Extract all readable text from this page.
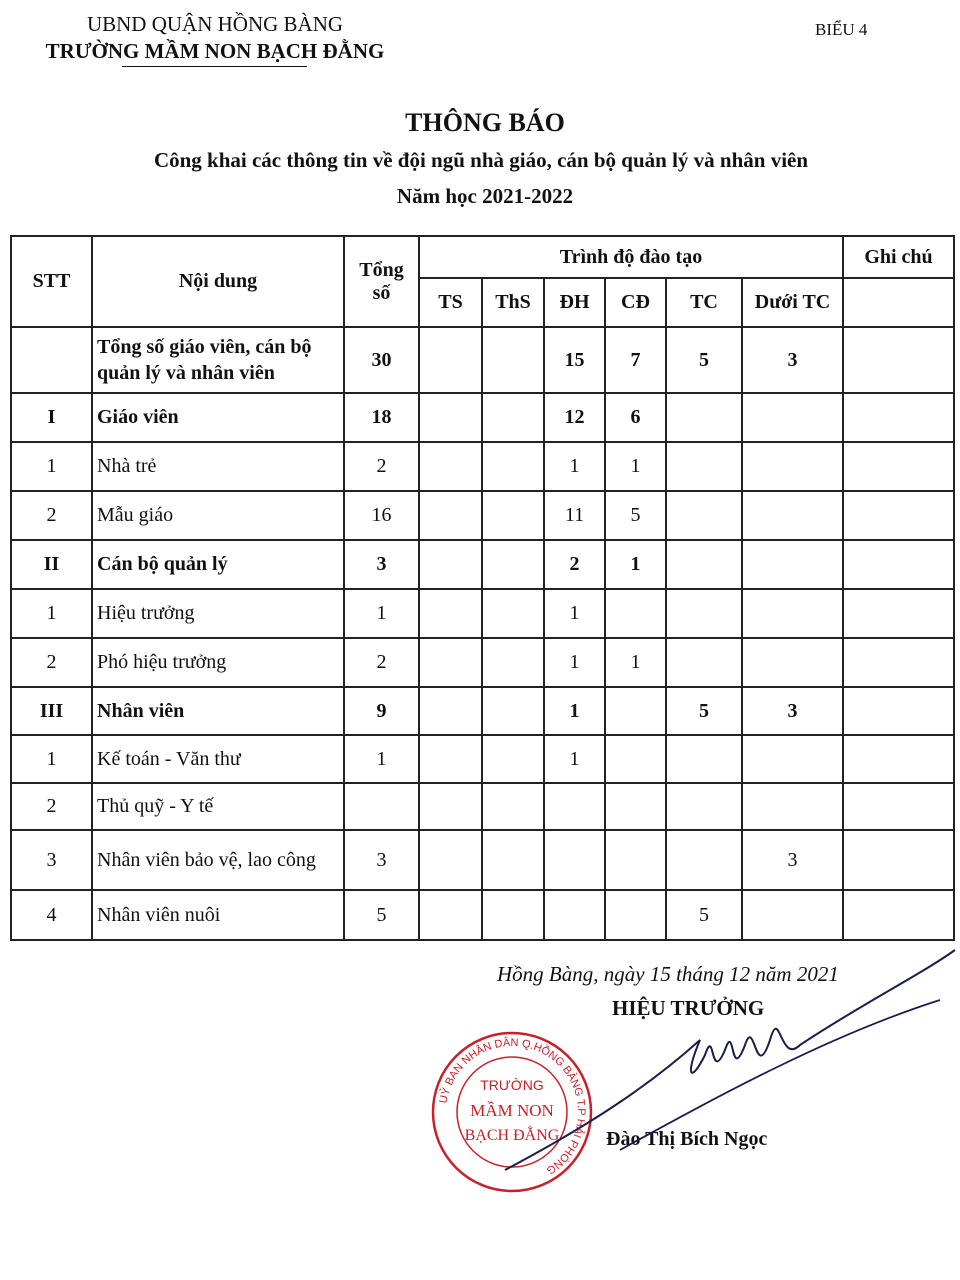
UBND QUẬN HỒNG BÀNG
TRƯỜNG MẦM NON BẠCH ĐẰNG
BIỂU 4
THÔNG BÁO
Công khai các thông tin về đội ngũ nhà giáo, cán bộ quản lý và nhân viên
Năm học 2021-2022
STT	Nội dung	Tổng số	Trình độ đào tạo						Ghi chú
			TS	ThS	ĐH	CĐ	TC	Dưới TC	
	Tổng số giáo viên, cán bộ quản lý và nhân viên	30			15	7	5	3	
I	Giáo viên	18			12	6			
1	Nhà trẻ	2			1	1			
2	Mẫu giáo	16			11	5			
II	Cán bộ quản lý	3			2	1			
1	Hiệu trưởng	1			1				
2	Phó hiệu trưởng	2			1	1			
III	Nhân viên	9			1		5	3	
1	Kế toán - Văn thư	1			1				
2	Thủ quỹ - Y tế								
3	Nhân viên bảo vệ, lao công	3						3	
4	Nhân viên nuôi	5					5		
Hồng Bàng, ngày 15 tháng 12 năm 2021
UỶ BAN NHÂN DÂN Q.HỒNG BÀNG T.P HẢI PHÒNG
TRƯỜNG
MẦM NON
BẠCH ĐẰNG
HIỆU TRƯỞNG
Đào Thị Bích Ngọc
